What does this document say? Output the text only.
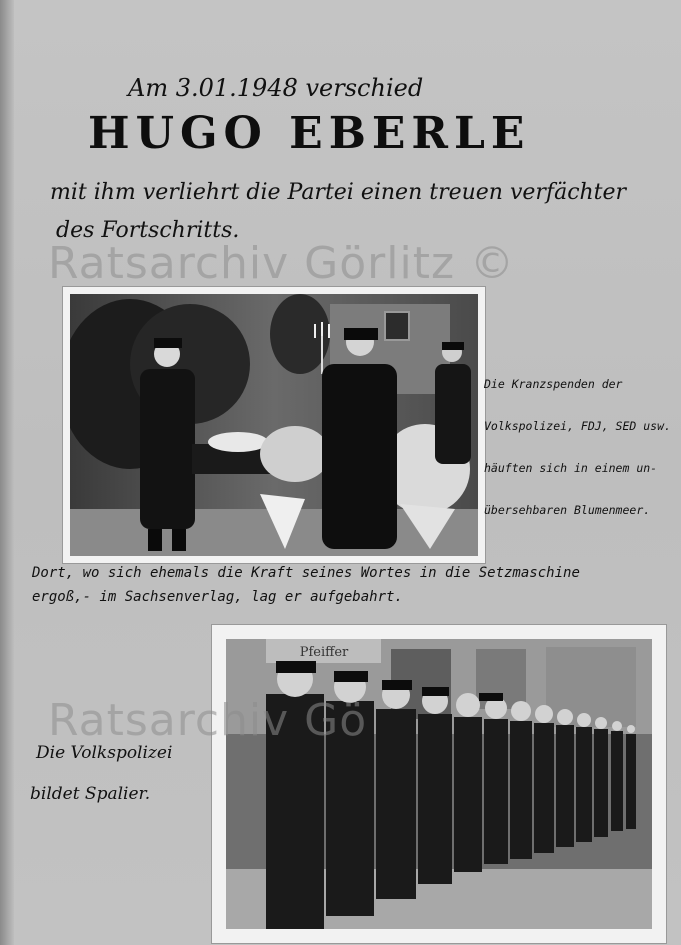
Am 3.01.1948 verschied
HUGO EBERLE
mit ihm verliehrt die Partei einen treuen verfächter
des Fortschritts.

Die Kranzspenden der

Volkspolizei, FDJ, SED usw.

häuften sich in einem un-

übersehbaren Blumenmeer.

Dort, wo sich ehemals die Kraft seines Wortes in die Setzmaschine
ergoß,- im Sachsenverlag, lag er aufgebahrt.
Pfeiffer
Die Volkspolizei
bildet Spalier.
Ratsarchiv Görlitz ©
Ratsarchiv Gö
